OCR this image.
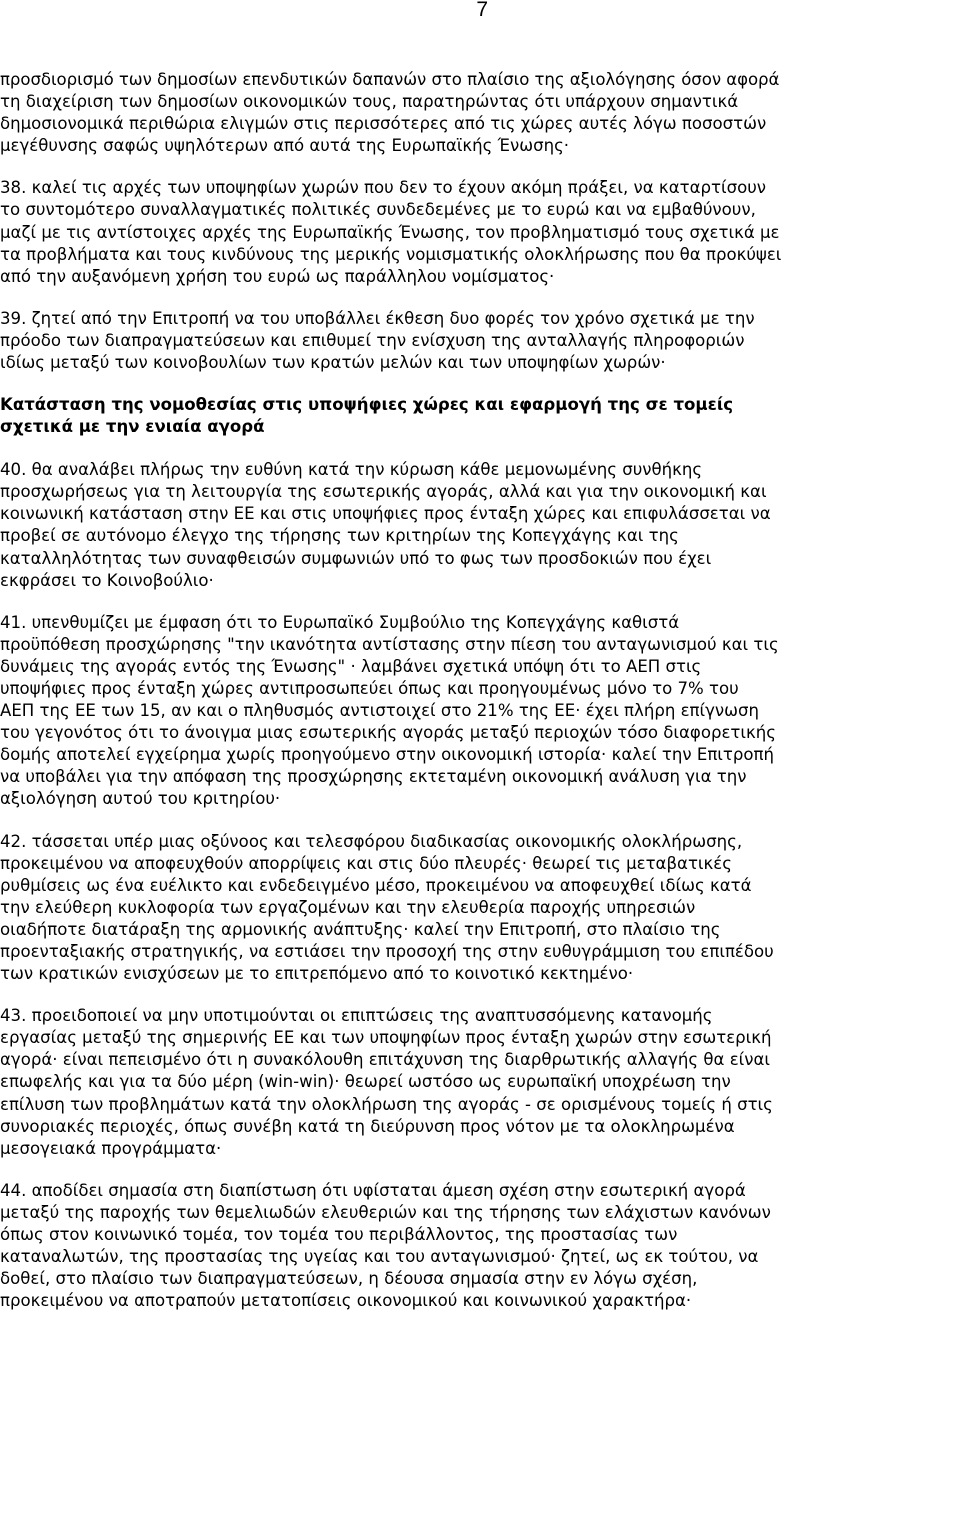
7
προσδιορισμό των δημοσίων επενδυτικών δαπανών στο πλαίσιο της αξιολόγησης όσον αφορά
τη διαχείριση των δημοσίων οικονομικών τους, παρατηρώντας ότι υπάρχουν σημαντικά
δημοσιονομικά περιθώρια ελιγμών στις περισσότερες από τις χώρες αυτές λόγω ποσοστών
μεγέθυνσης σαφώς υψηλότερων από αυτά της Ευρωπαϊκής Ένωσης·
38. καλεί τις αρχές των υποψηφίων χωρών που δεν το έχουν ακόμη πράξει, να καταρτίσουν
το συντομότερο συναλλαγματικές πολιτικές συνδεδεμένες με το ευρώ και να εμβαθύνουν,
μαζί με τις αντίστοιχες αρχές της Ευρωπαϊκής Ένωσης, τον προβληματισμό τους σχετικά με
τα προβλήματα και τους κινδύνους της μερικής νομισματικής ολοκλήρωσης που θα προκύψει
από την αυξανόμενη χρήση του ευρώ ως παράλληλου νομίσματος·
39. ζητεί από την Επιτροπή να του υποβάλλει έκθεση δυο φορές τον χρόνο σχετικά με την
πρόοδο των διαπραγματεύσεων και επιθυμεί την ενίσχυση της ανταλλαγής πληροφοριών
ιδίως μεταξύ των κοινοβουλίων των κρατών μελών και των υποψηφίων χωρών·
Κατάσταση της νομοθεσίας στις υποψήφιες χώρες και εφαρμογή της σε τομείς
σχετικά με την ενιαία αγορά
40. θα αναλάβει πλήρως την ευθύνη κατά την κύρωση κάθε μεμονωμένης συνθήκης
προσχωρήσεως για τη λειτουργία της εσωτερικής αγοράς, αλλά και για την οικονομική και
κοινωνική κατάσταση στην ΕΕ και στις υποψήφιες προς ένταξη χώρες και επιφυλάσσεται να
προβεί σε αυτόνομο έλεγχο της τήρησης των κριτηρίων της Κοπεγχάγης και της
καταλληλότητας των συναφθεισών συμφωνιών υπό το φως των προσδοκιών που έχει
εκφράσει το Κοινοβούλιο·
41. υπενθυμίζει με έμφαση ότι το Ευρωπαϊκό Συμβούλιο της Κοπεγχάγης καθιστά
προϋπόθεση προσχώρησης "την ικανότητα αντίστασης στην πίεση του ανταγωνισμού και τις
δυνάμεις της αγοράς εντός της Ένωσης" · λαμβάνει σχετικά υπόψη ότι το ΑΕΠ στις
υποψήφιες προς ένταξη χώρες αντιπροσωπεύει όπως και προηγουμένως μόνο το 7% του
ΑΕΠ της ΕΕ των 15, αν και ο πληθυσμός αντιστοιχεί στο 21% της ΕΕ· έχει πλήρη επίγνωση
του γεγονότος ότι το άνοιγμα μιας εσωτερικής αγοράς μεταξύ περιοχών τόσο διαφορετικής
δομής αποτελεί εγχείρημα χωρίς προηγούμενο στην οικονομική ιστορία· καλεί την Επιτροπή
να υποβάλει για την απόφαση της προσχώρησης εκτεταμένη οικονομική ανάλυση για την
αξιολόγηση αυτού του κριτηρίου·
42. τάσσεται υπέρ μιας οξύνοος και τελεσφόρου διαδικασίας οικονομικής ολοκλήρωσης,
προκειμένου να αποφευχθούν απορρίψεις και στις δύο πλευρές· θεωρεί τις μεταβατικές
ρυθμίσεις ως ένα ευέλικτο και ενδεδειγμένο μέσο, προκειμένου να αποφευχθεί ιδίως κατά
την ελεύθερη κυκλοφορία των εργαζομένων και την ελευθερία παροχής υπηρεσιών
οιαδήποτε διατάραξη της αρμονικής ανάπτυξης· καλεί την Επιτροπή, στο πλαίσιο της
προενταξιακής στρατηγικής, να εστιάσει την προσοχή της στην ευθυγράμμιση του επιπέδου
των κρατικών ενισχύσεων με το επιτρεπόμενο από το κοινοτικό κεκτημένο·
43. προειδοποιεί να μην υποτιμούνται οι επιπτώσεις της αναπτυσσόμενης κατανομής
εργασίας μεταξύ της σημερινής ΕΕ και των υποψηφίων προς ένταξη χωρών στην εσωτερική
αγορά· είναι πεπεισμένο ότι η συνακόλουθη επιτάχυνση της διαρθρωτικής αλλαγής θα είναι
επωφελής και για τα δύο μέρη (win-win)· θεωρεί ωστόσο ως ευρωπαϊκή υποχρέωση την
επίλυση των προβλημάτων κατά την ολοκλήρωση της αγοράς - σε ορισμένους τομείς ή στις
συνοριακές περιοχές, όπως συνέβη κατά τη διεύρυνση προς νότον με τα ολοκληρωμένα
μεσογειακά προγράμματα·
44. αποδίδει σημασία στη διαπίστωση ότι υφίσταται άμεση σχέση στην εσωτερική αγορά
μεταξύ της παροχής των θεμελιωδών ελευθεριών και της τήρησης των ελάχιστων κανόνων
όπως στον κοινωνικό τομέα, τον τομέα του περιβάλλοντος, της προστασίας των
καταναλωτών, της προστασίας της υγείας και του ανταγωνισμού· ζητεί, ως εκ τούτου, να
δοθεί, στο πλαίσιο των διαπραγματεύσεων, η δέουσα σημασία στην εν λόγω σχέση,
προκειμένου να αποτραπούν μετατοπίσεις οικονομικού και κοινωνικού χαρακτήρα·
